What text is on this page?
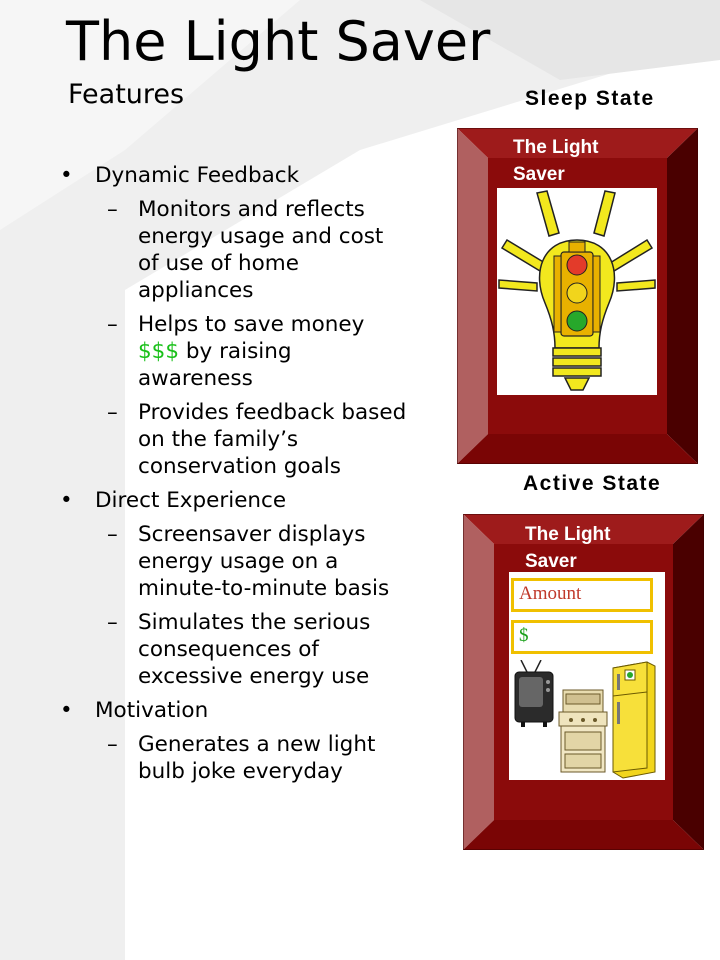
The Light Saver
Features
• Dynamic Feedback
– Monitors and reflects energy usage and cost of use of home appliances
– Helps to save money $$$ by raising awareness
– Provides feedback based on the family’s conservation goals
• Direct Experience
– Screensaver displays energy usage on a minute-to-minute basis
– Simulates the serious consequences of excessive energy use
• Motivation
– Generates a new light bulb joke everyday
Sleep State
The Light
Saver
Active State
The Light
Saver
Amount
$
